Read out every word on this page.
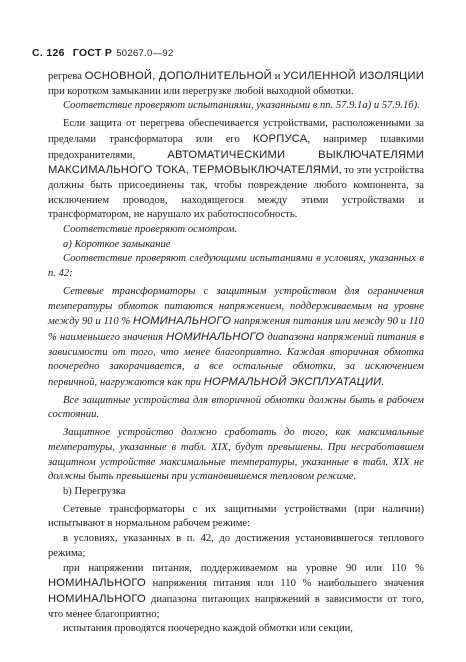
С. 126 ГОСТ Р 50267.0—92

регрева ОСНОВНОЙ, ДОПОЛНИТЕЛЬНОЙ и УСИЛЕННОЙ ИЗОЛЯЦИИ при коротком замыкании или перегрузке любой выходной обмотки.

Соответствие проверяют испытаниями, указанными в пп. 57.9.1а) и 57.9.1б).

Если защита от перегрева обеспечивается устройствами, расположенными за пределами трансформатора или его КОРПУСА, например плавкими предохранителями, АВТОМАТИЧЕСКИМИ ВЫКЛЮЧАТЕЛЯМИ МАКСИМАЛЬНОГО ТОКА, ТЕРМОВЫКЛЮЧАТЕЛЯМИ, то эти устройства должны быть присоединены так, чтобы повреждение любого компонента, за исключением проводов, находящегося между этими устройствами и трансформатором, не нарушало их работоспособность.

Соответствие проверяют осмотром.

а) Короткое замыкание

Соответствие проверяют следующими испытаниями в условиях, указанных в п. 42:

Сетевые трансформаторы с защитным устройством для ограничения температуры обмоток питаются напряжением, поддерживаемым на уровне между 90 и 110 % НОМИНАЛЬНОГО напряжения питания или между 90 и 110 % наименьшего значения НОМИНАЛЬНОГО диапазона напряжений питания в зависимости от того, что менее благоприятно. Каждая вторичная обмотка поочередно закорачивается, а все остальные обмотки, за исключением первичной, нагружаются как при НОРМАЛЬНОЙ ЭКСПЛУАТАЦИИ.

Все защитные устройства для вторичной обмотки должны быть в рабочем состоянии.

Защитное устройство должно сработать до того, как максимальные температуры, указанные в табл. XIX, будут превышены. При несработавшем защитном устройстве максимальные температуры, указанные в табл. XIX не должны быть превышены при установившемся тепловом режиме.

b) Перегрузка

Сетевые трансформаторы с их защитными устройствами (при наличии) испытывают в нормальном рабочем режиме:

в условиях, указанных в п. 42, до достижения установившегося теплового режима;

при напряжении питания, поддерживаемом на уровне 90 или 110 % НОМИНАЛЬНОГО напряжения питания или 110 % наибольшего значения НОМИНАЛЬНОГО диапазона питающих напряжений в зависимости от того, что менее благоприятно;

испытания проводятся поочередно каждой обмотки или секции,
